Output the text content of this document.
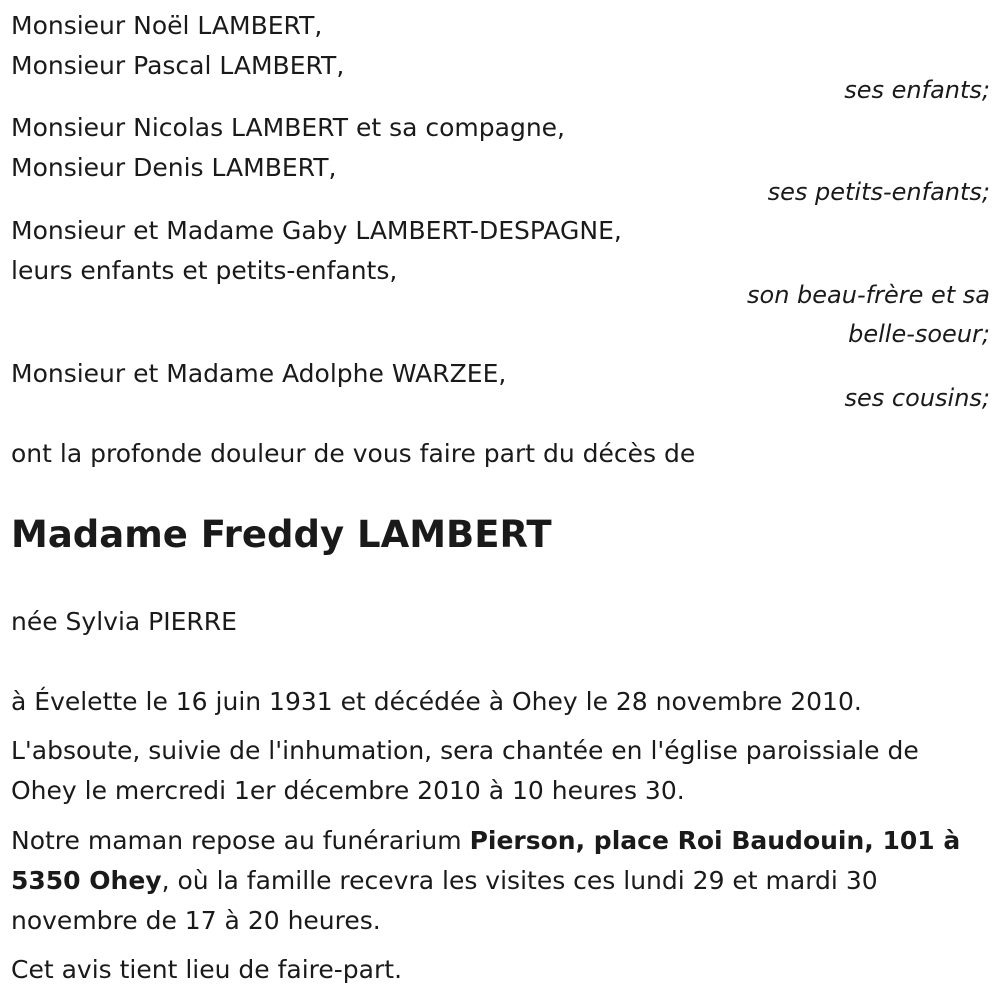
Monsieur Noël LAMBERT,
Monsieur Pascal LAMBERT,
ses enfants;
Monsieur Nicolas LAMBERT et sa compagne,
Monsieur Denis LAMBERT,
ses petits-enfants;
Monsieur et Madame Gaby LAMBERT-DESPAGNE,
leurs enfants et petits-enfants,
son beau-frère et sa
belle-soeur;
Monsieur et Madame Adolphe WARZEE,
ses cousins;
ont la profonde douleur de vous faire part du décès de
Madame Freddy LAMBERT
née Sylvia PIERRE
à Évelette le 16 juin 1931 et décédée à Ohey le 28 novembre 2010.
L'absoute, suivie de l'inhumation, sera chantée en l'église paroissiale de Ohey le mercredi 1er décembre 2010 à 10 heures 30.
Notre maman repose au funérarium Pierson, place Roi Baudouin, 101 à 5350 Ohey, où la famille recevra les visites ces lundi 29 et mardi 30 novembre de 17 à 20 heures.
Cet avis tient lieu de faire-part.
